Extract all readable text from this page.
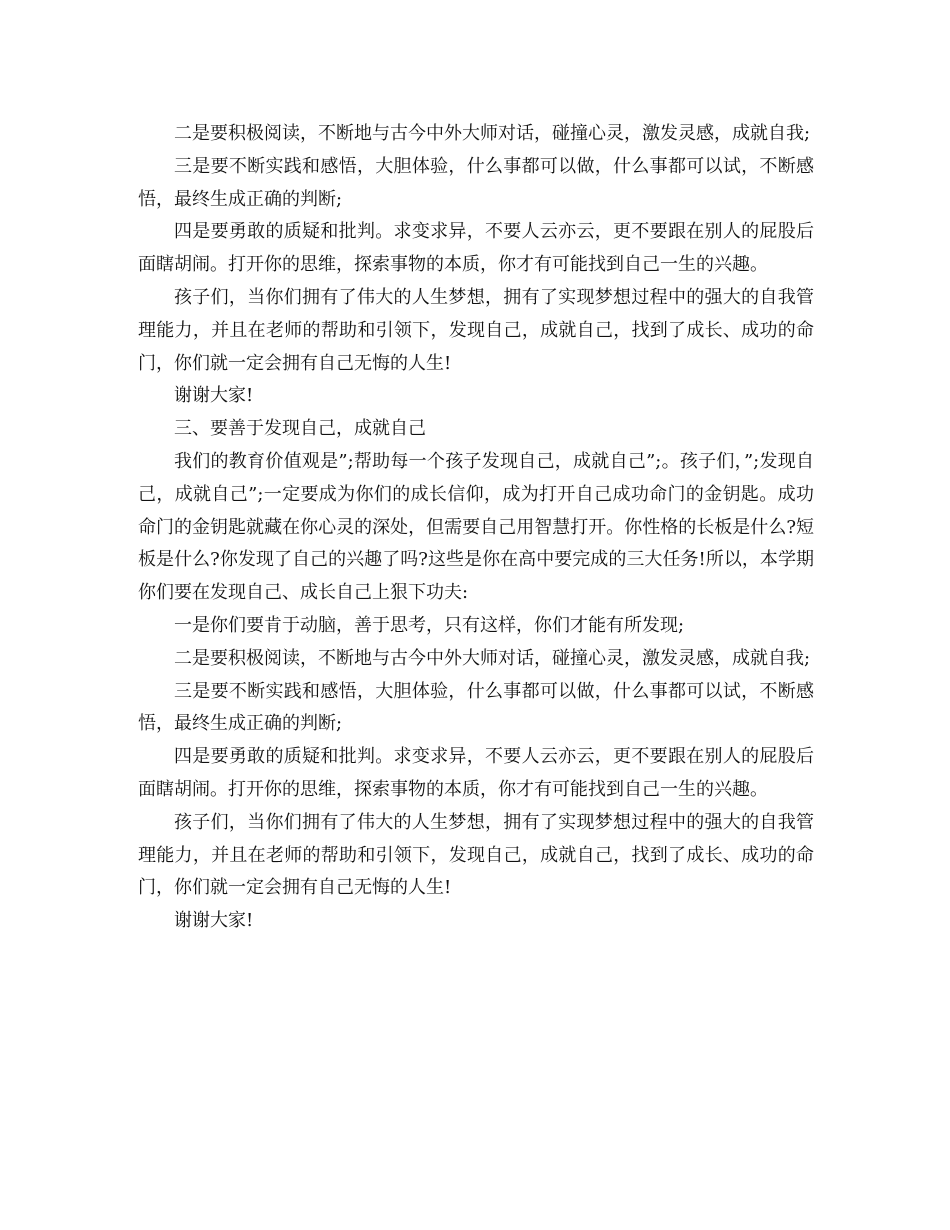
二是要积极阅读，不断地与古今中外大师对话，碰撞心灵，激发灵感，成就自我;

三是要不断实践和感悟，大胆体验，什么事都可以做，什么事都可以试，不断感悟，最终生成正确的判断;

四是要勇敢的质疑和批判。求变求异，不要人云亦云，更不要跟在别人的屁股后面瞎胡闹。打开你的思维，探索事物的本质，你才有可能找到自己一生的兴趣。

孩子们，当你们拥有了伟大的人生梦想，拥有了实现梦想过程中的强大的自我管理能力，并且在老师的帮助和引领下，发现自己，成就自己，找到了成长、成功的命门，你们就一定会拥有自己无悔的人生!

谢谢大家!

三、要善于发现自己，成就自己

我们的教育价值观是”;帮助每一个孩子发现自己，成就自己”;。孩子们，”;发现自己，成就自己”;一定要成为你们的成长信仰，成为打开自己成功命门的金钥匙。成功命门的金钥匙就藏在你心灵的深处，但需要自己用智慧打开。你性格的长板是什么?短板是什么?你发现了自己的兴趣了吗?这些是你在高中要完成的三大任务!所以，本学期你们要在发现自己、成长自己上狠下功夫:

一是你们要肯于动脑，善于思考，只有这样，你们才能有所发现;

二是要积极阅读，不断地与古今中外大师对话，碰撞心灵，激发灵感，成就自我;

三是要不断实践和感悟，大胆体验，什么事都可以做，什么事都可以试，不断感悟，最终生成正确的判断;

四是要勇敢的质疑和批判。求变求异，不要人云亦云，更不要跟在别人的屁股后面瞎胡闹。打开你的思维，探索事物的本质，你才有可能找到自己一生的兴趣。

孩子们，当你们拥有了伟大的人生梦想，拥有了实现梦想过程中的强大的自我管理能力，并且在老师的帮助和引领下，发现自己，成就自己，找到了成长、成功的命门，你们就一定会拥有自己无悔的人生!

谢谢大家!
